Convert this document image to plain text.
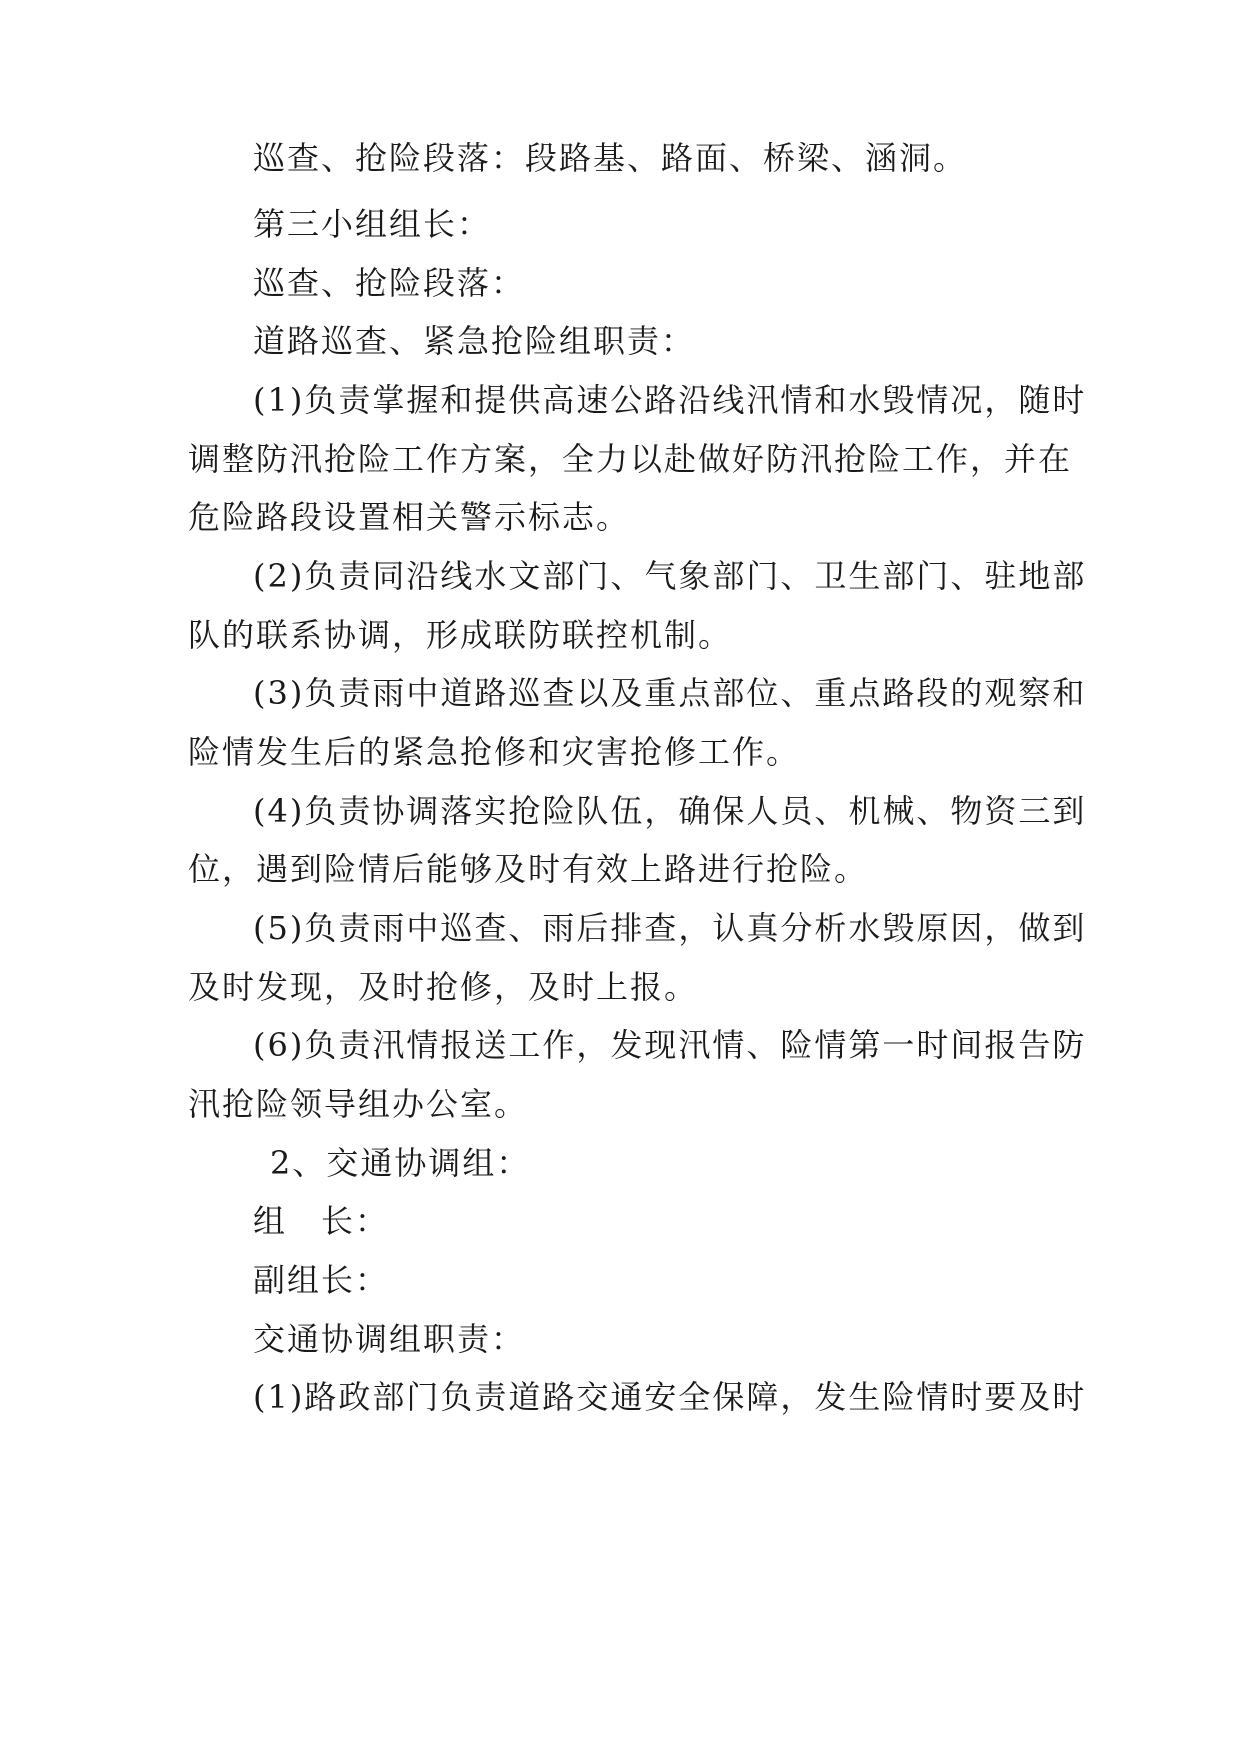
巡查、抢险段落：段路基、路面、桥梁、涵洞。
第三小组组长：
巡查、抢险段落：
道路巡查、紧急抢险组职责：
(1)负责掌握和提供高速公路沿线汛情和水毁情况，随时
调整防汛抢险工作方案，全力以赴做好防汛抢险工作，并在
危险路段设置相关警示标志。
(2)负责同沿线水文部门、气象部门、卫生部门、驻地部
队的联系协调，形成联防联控机制。
(3)负责雨中道路巡查以及重点部位、重点路段的观察和
险情发生后的紧急抢修和灾害抢修工作。
(4)负责协调落实抢险队伍，确保人员、机械、物资三到
位，遇到险情后能够及时有效上路进行抢险。
(5)负责雨中巡查、雨后排查，认真分析水毁原因，做到
及时发现，及时抢修，及时上报。
(6)负责汛情报送工作，发现汛情、险情第一时间报告防
汛抢险领导组办公室。
2、交通协调组：
组　长：
副组长：
交通协调组职责：
(1)路政部门负责道路交通安全保障，发生险情时要及时
